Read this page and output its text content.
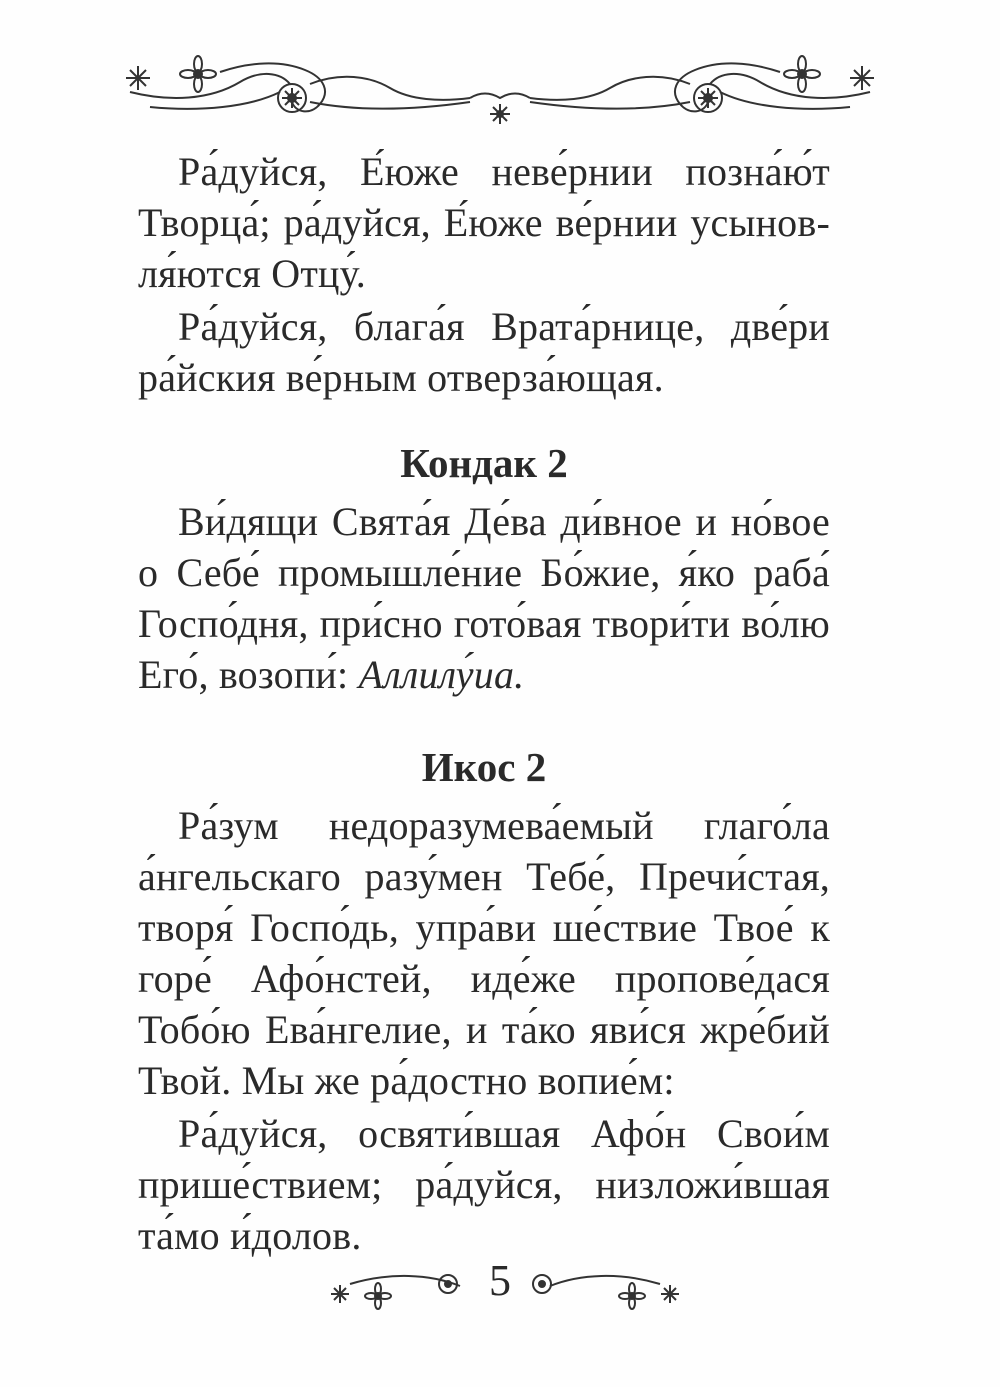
Ра́дуйся, Е́юже неве́рнии позна́ю́т Творца́; ра́дуйся, Е́юже ве́рнии усынов-ля́ются Отцу́.

Ра́дуйся, блага́я Врата́рнице, две́ри ра́йския ве́рным отверза́ющая.

Кондак 2

Ви́дящи Свята́я Де́ва ди́вное и но́вое о Себе́ промышле́ние Бо́жие, я́ко раба́ Госпо́дня, при́сно гото́вая твори́ти во́лю Его́, возопи́: Аллилу́иа.

Икос 2

Ра́зум недоразумева́емый глаго́ла а́нгельскаго разу́мен Тебе́, Пречи́стая, творя́ Госпо́дь, упра́ви ше́ствие Твое́ к горе́ Афо́нстей, иде́же пропове́дася Тобо́ю Ева́нгелие, и та́ко яви́ся жре́бий Твой. Мы же ра́достно вопие́м:

Ра́дуйся, освяти́вшая Афо́н Свои́м прише́ствием; ра́дуйся, низложи́вшая та́мо и́долов.

5
